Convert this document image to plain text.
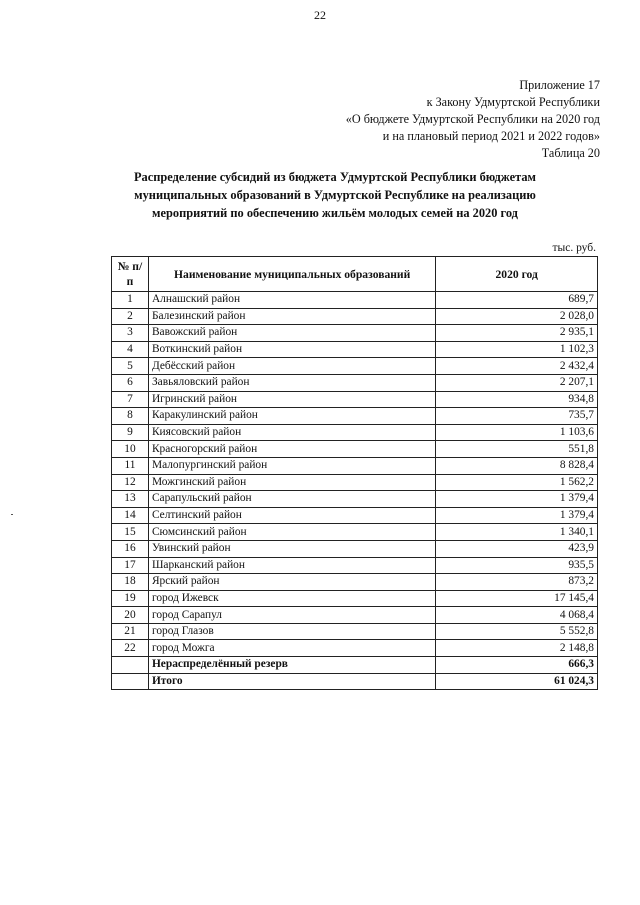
22
Приложение 17
к Закону Удмуртской Республики
«О бюджете Удмуртской Республики на 2020 год
и на плановый период 2021 и 2022 годов»
Таблица 20
Распределение субсидий из бюджета Удмуртской Республики бюджетам
муниципальных образований в Удмуртской Республике на реализацию
мероприятий по обеспечению жильём молодых семей на 2020 год
тыс. руб.
№ п/п	Наименование муниципальных образований	2020 год
1	Алнашский район	689,7
2	Балезинский район	2 028,0
3	Вавожский район	2 935,1
4	Воткинский район	1 102,3
5	Дебёсский район	2 432,4
6	Завьяловский район	2 207,1
7	Игринский район	934,8
8	Каракулинский район	735,7
9	Киясовский район	1 103,6
10	Красногорский район	551,8
11	Малопургинский район	8 828,4
12	Можгинский район	1 562,2
13	Сарапульский район	1 379,4
14	Селтинский район	1 379,4
15	Сюмсинский район	1 340,1
16	Увинский район	423,9
17	Шарканский район	935,5
18	Ярский район	873,2
19	город Ижевск	17 145,4
20	город Сарапул	4 068,4
21	город Глазов	5 552,8
22	город Можга	2 148,8
	Нераспределённый резерв	666,3
	Итого	61 024,3
